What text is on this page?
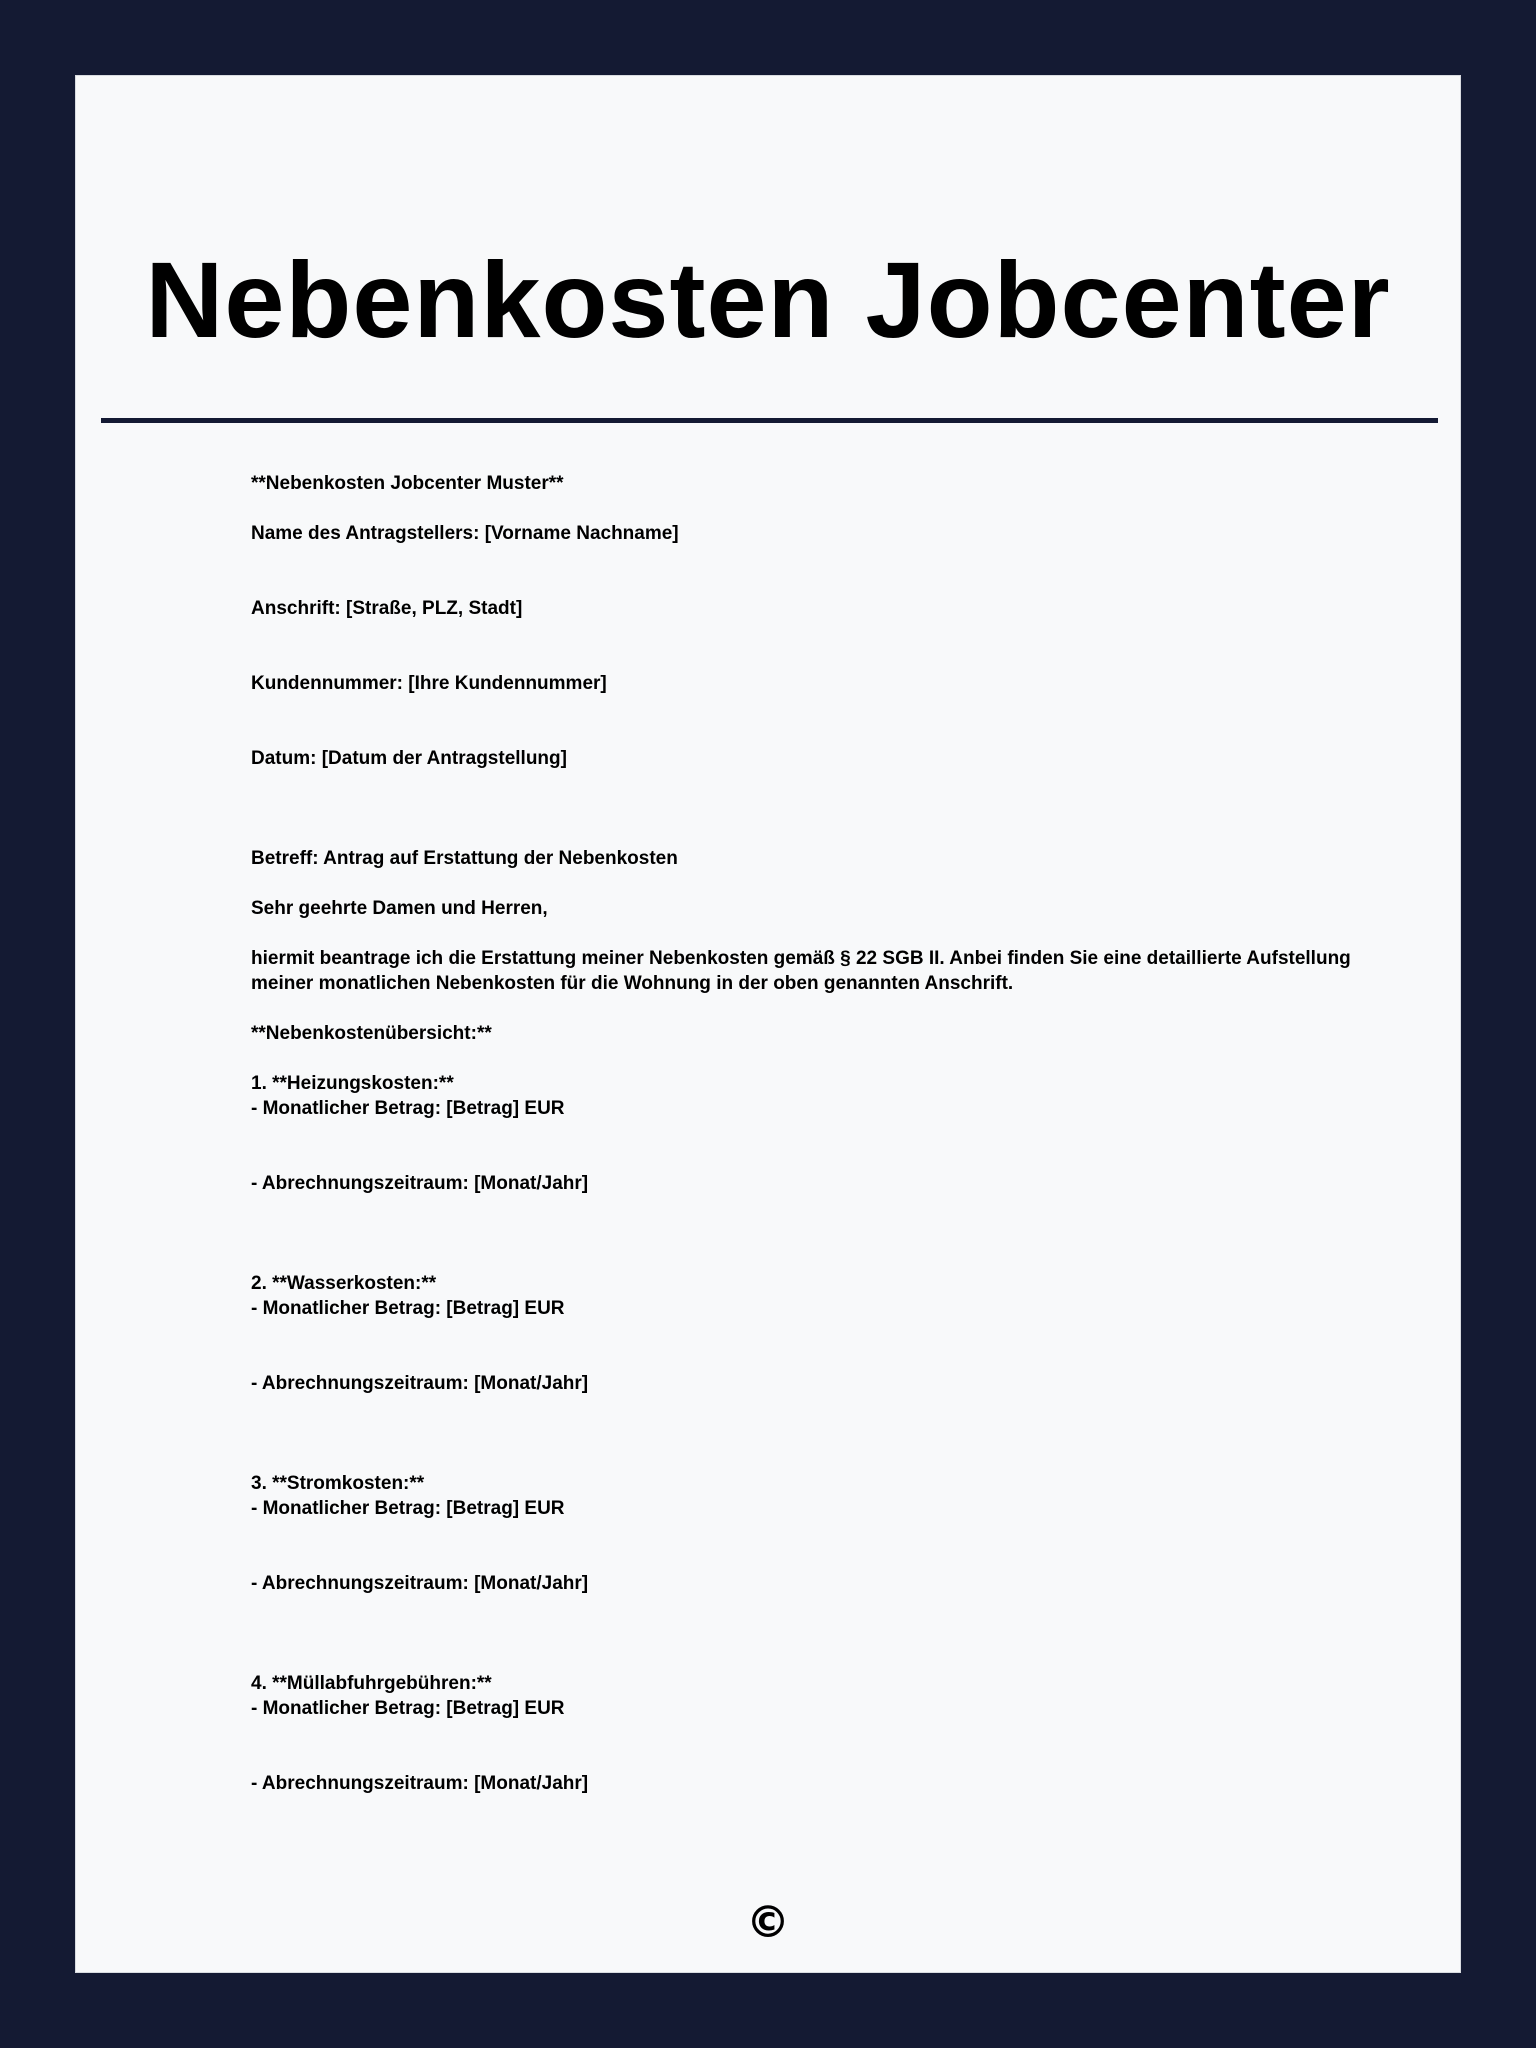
Nebenkosten Jobcenter

**Nebenkosten Jobcenter Muster**

Name des Antragstellers: [Vorname Nachname]

Anschrift: [Straße, PLZ, Stadt]

Kundennummer: [Ihre Kundennummer]

Datum: [Datum der Antragstellung]

Betreff: Antrag auf Erstattung der Nebenkosten

Sehr geehrte Damen und Herren,

hiermit beantrage ich die Erstattung meiner Nebenkosten gemäß § 22 SGB II. Anbei finden Sie eine detaillierte Aufstellung meiner monatlichen Nebenkosten für die Wohnung in der oben genannten Anschrift.

**Nebenkostenübersicht:**

1. **Heizungskosten:**
- Monatlicher Betrag: [Betrag] EUR

- Abrechnungszeitraum: [Monat/Jahr]

2. **Wasserkosten:**
- Monatlicher Betrag: [Betrag] EUR

- Abrechnungszeitraum: [Monat/Jahr]

3. **Stromkosten:**
- Monatlicher Betrag: [Betrag] EUR

- Abrechnungszeitraum: [Monat/Jahr]

4. **Müllabfuhrgebühren:**
- Monatlicher Betrag: [Betrag] EUR

- Abrechnungszeitraum: [Monat/Jahr]

©
